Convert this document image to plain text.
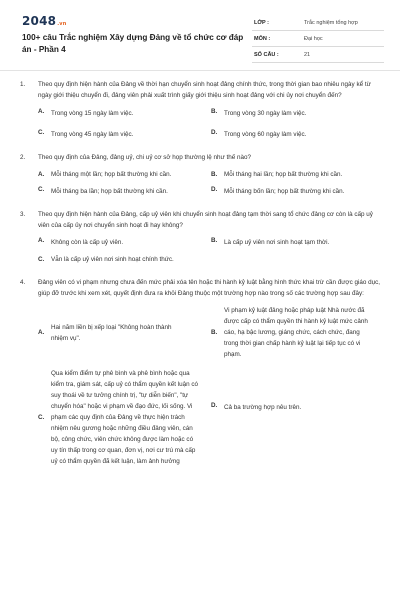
2048.vn
100+ câu Trắc nghiệm Xây dựng Đảng về tổ chức cơ đáp án - Phần 4
LỚP :	Trắc nghiệm tổng hợp
MÔN :	Đại học
SỐ CÂU :	21
1. Theo quy định hiện hành của Đảng về thời hạn chuyển sinh hoạt đảng chính thức, trong thời gian bao nhiêu ngày kể từ ngày giới thiệu chuyển đi, đảng viên phải xuất trình giấy giới thiệu sinh hoạt đảng với chi ủy nơi chuyển đến?
A.	Trong vòng 15 ngày làm việc.	B.	Trong vòng 30 ngày làm việc.
C.	Trong vòng 45 ngày làm việc.	D.	Trong vòng 60 ngày làm việc.
2. Theo quy định của Đảng, đảng uỷ, chi uỷ cơ sở họp thường lệ như thế nào?
A.	Mỗi tháng một lần; họp bất thường khi cần.	B.	Mỗi tháng hai lần; họp bất thường khi cần.
C.	Mỗi tháng ba lần; họp bất thường khi cần.	D.	Mỗi tháng bốn lần; họp bất thường khi cần.
3. Theo quy định hiện hành của Đảng, cấp uỷ viên khi chuyển sinh hoạt đảng tạm thời sang tổ chức đảng cơ còn là cấp uỷ viên của cấp ủy nơi chuyển sinh hoạt đi hay không?
A.	Không còn là cấp uỷ viên.	B.	Là cấp uỷ viên nơi sinh hoạt tạm thời.
C.	Vẫn là cấp uỷ viên nơi sinh hoạt chính thức.
4. Đảng viên có vi phạm nhưng chưa đến mức phải xóa tên hoặc thi hành kỷ luật bằng hình thức khai trừ cần được giáo dục, giúp đỡ trước khi xem xét, quyết định đưa ra khỏi Đảng thuộc một trường hợp nào trong số các trường hợp sau đây:
A.
Hai năm liền bị xếp loại "Không hoàn thành nhiệm vụ".
B.
Vi phạm kỷ luật đảng hoặc pháp luật Nhà nước đã được cấp có thẩm quyền thi hành kỷ luật mức cảnh cáo, hạ bậc lương, giáng chức, cách chức, đang trong thời gian chấp hành kỷ luật lại tiếp tục có vi phạm.
C.
Qua kiểm điểm tự phê bình và phê bình hoặc qua kiểm tra, giám sát, cấp uỷ có thẩm quyền kết luận có suy thoái về tư tưởng chính trị, "tự diễn biến", "tự chuyển hóa" hoặc vi phạm về đạo đức, lối sống. Vi phạm các quy định của Đảng về thực hiện trách nhiệm nêu gương hoặc những điều đảng viên, cán bộ, công chức, viên chức không được làm hoặc có uy tín thấp trong cơ quan, đơn vị, nơi cư trú mà cấp uỷ có thẩm quyền đã kết luận, làm ảnh hưởng
D.	Cả ba trường hợp nêu trên.
